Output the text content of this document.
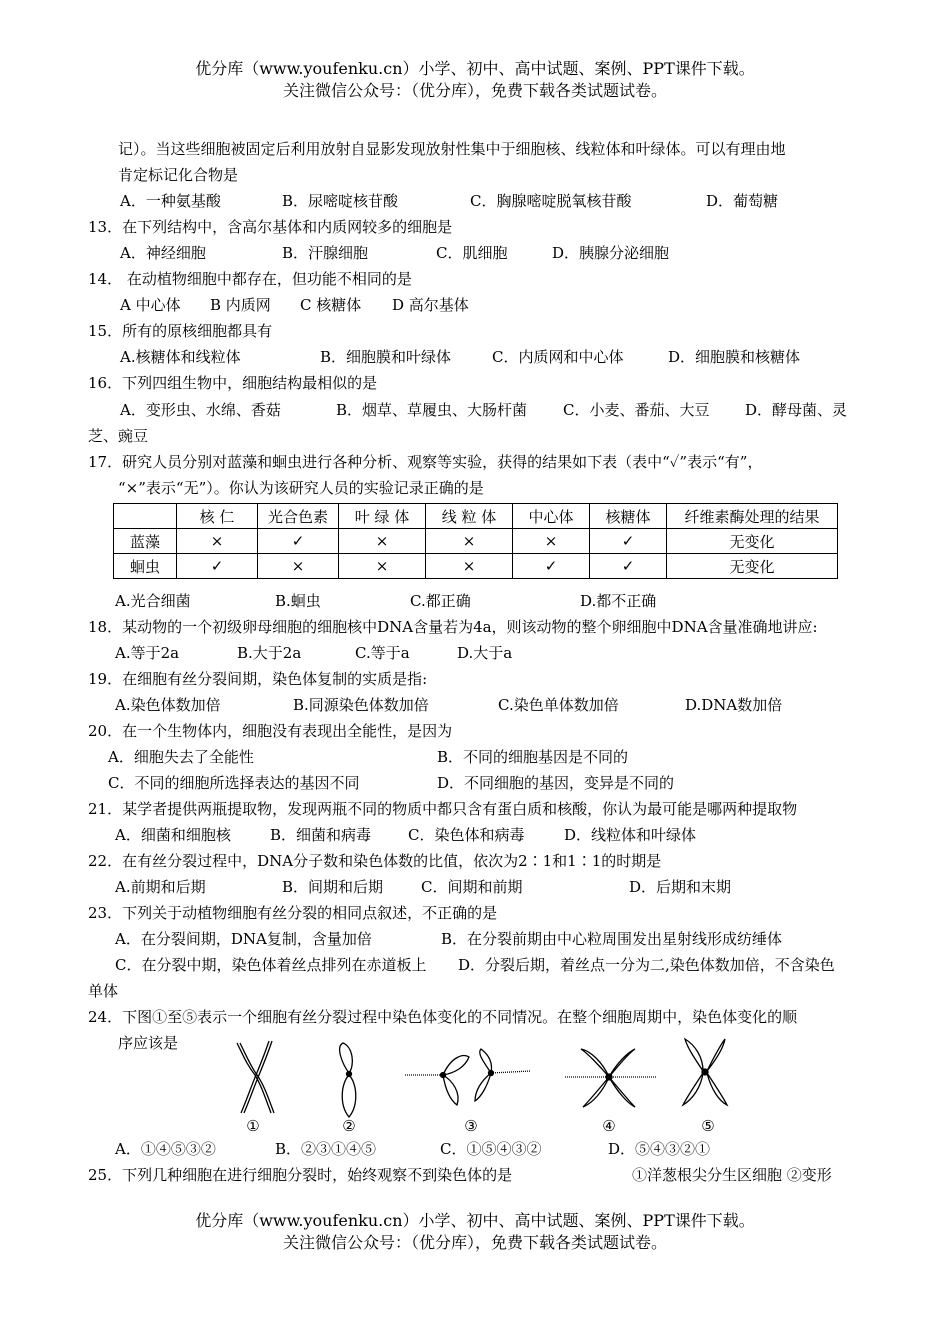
优分库（www.youfenku.cn）小学、初中、高中试题、案例、PPT课件下载。
关注微信公众号：（优分库），免费下载各类试题试卷。
记）。当这些细胞被固定后利用放射自显影发现放射性集中于细胞核、线粒体和叶绿体。可以有理由地
肯定标记化合物是
A．一种氨基酸	B．尿嘧啶核苷酸	C．胸腺嘧啶脱氧核苷酸	D．葡萄糖
13．在下列结构中，含高尔基体和内质网较多的细胞是
A．神经细胞	B．汗腺细胞	C．肌细胞	D．胰腺分泌细胞
14． 在动植物细胞中都存在，但功能不相同的是
A 中心体 B 内质网 C 核糖体 D 高尔基体
15．所有的原核细胞都具有
A.核糖体和线粒体	B．细胞膜和叶绿体	C．内质网和中心体	D．细胞膜和核糖体
16．下列四组生物中，细胞结构最相似的是
A．变形虫、水绵、香菇	B．烟草、草履虫、大肠杆菌 C．小麦、番茄、大豆 D．酵母菌、灵
芝、豌豆
17．研究人员分别对蓝藻和蛔虫进行各种分析、观察等实验，获得的结果如下表（表中“✓”表示“有”，
“×”表示“无”）。你认为该研究人员的实验记录正确的是
	核 仁	光合色素	叶 绿 体	线 粒 体	中心体	核糖体	纤维素酶处理的结果
蓝藻	×	✓	×	×	×	✓	无变化
蛔虫	✓	×	×	×	✓	✓	无变化
A.光合细菌	B.蛔虫	C.都正确	D.都不正确
18．某动物的一个初级卵母细胞的细胞核中DNA含量若为4a，则该动物的整个卵细胞中DNA含量准确地讲应:
A.等于2a	B.大于2a	C.等于a	D.大于a
19．在细胞有丝分裂间期，染色体复制的实质是指:
A.染色体数加倍	B.同源染色体数加倍	C.染色单体数加倍	D.DNA数加倍
20．在一个生物体内，细胞没有表现出全能性，是因为
A．细胞失去了全能性	B．不同的细胞基因是不同的
C．不同的细胞所选择表达的基因不同	D．不同细胞的基因，变异是不同的
21．某学者提供两瓶提取物，发现两瓶不同的物质中都只含有蛋白质和核酸，你认为最可能是哪两种提取物
A．细菌和细胞核	B．细菌和病毒 C．染色体和病毒	D．线粒体和叶绿体
22．在有丝分裂过程中，DNA分子数和染色体数的比值，依次为2∶1和1∶1的时期是
A.前期和后期	B．间期和后期	C．间期和前期	D．后期和末期
23．下列关于动植物细胞有丝分裂的相同点叙述，不正确的是
A．在分裂间期，DNA复制，含量加倍	B．在分裂前期由中心粒周围发出星射线形成纺缍体
C．在分裂中期，染色体着丝点排列在赤道板上 D．分裂后期，着丝点一分为二,染色体数加倍，不含染色
单体
24．下图①至⑤表示一个细胞有丝分裂过程中染色体变化的不同情况。在整个细胞周期中，染色体变化的顺
序应该是
①	②	③	④	⑤
A．①④⑤③②	B．②③①④⑤	C．①⑤④③②	D．⑤④③②①
25．下列几种细胞在进行细胞分裂时，始终观察不到染色体的是	①洋葱根尖分生区细胞 ②变形
优分库（www.youfenku.cn）小学、初中、高中试题、案例、PPT课件下载。
关注微信公众号：（优分库），免费下载各类试题试卷。
